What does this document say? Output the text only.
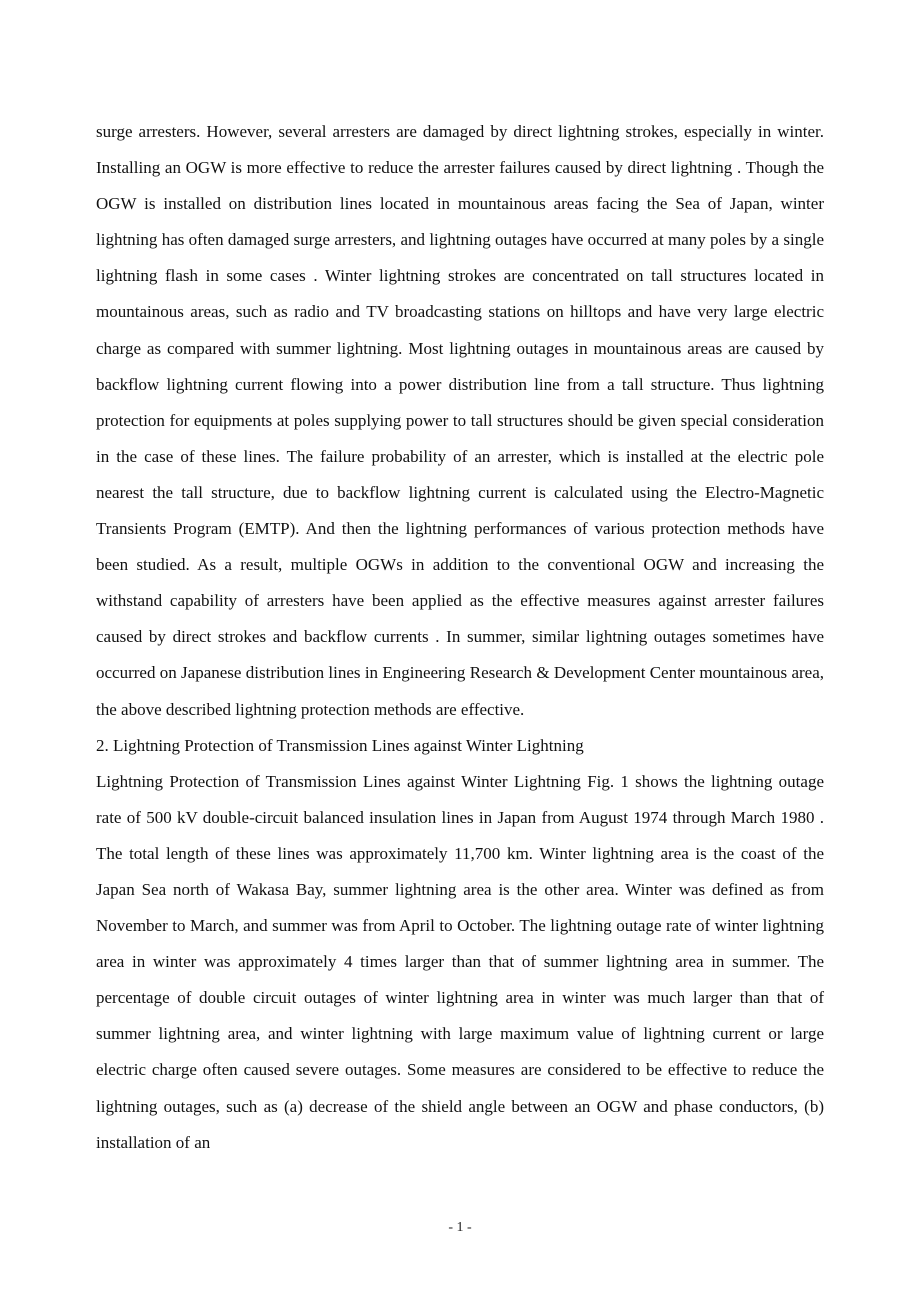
surge arresters. However, several arresters are damaged by direct lightning strokes, especially in winter. Installing an OGW is more effective to reduce the arrester failures caused by direct lightning . Though the OGW is installed on distribution lines located in mountainous areas facing the Sea of Japan, winter lightning has often damaged surge arresters, and lightning outages have occurred at many poles by a single lightning flash in some cases . Winter lightning strokes are concentrated on tall structures located in mountainous areas, such as radio and TV broadcasting stations on hilltops and have very large electric charge as compared with summer lightning. Most lightning outages in mountainous areas are caused by backflow lightning current flowing into a power distribution line from a tall structure. Thus lightning protection for equipments at poles supplying power to tall structures should be given special consideration in the case of these lines. The failure probability of an arrester, which is installed at the electric pole nearest the tall structure, due to backflow lightning current is calculated using the Electro-Magnetic Transients Program (EMTP). And then the lightning performances of various protection methods have been studied. As a result, multiple OGWs in addition to the conventional OGW and increasing the withstand capability of arresters have been applied as the effective measures against arrester failures caused by direct strokes and backflow currents . In summer, similar lightning outages sometimes have occurred on Japanese distribution lines in Engineering Research & Development Center mountainous area, the above described lightning protection methods are effective.

2. Lightning Protection of Transmission Lines against Winter Lightning

Lightning Protection of Transmission Lines against Winter Lightning Fig. 1 shows the lightning outage rate of 500 kV double-circuit balanced insulation lines in Japan from August 1974 through March 1980 . The total length of these lines was approximately 11,700 km. Winter lightning area is the coast of the Japan Sea north of Wakasa Bay, summer lightning area is the other area. Winter was defined as from November to March, and summer was from April to October. The lightning outage rate of winter lightning area in winter was approximately 4 times larger than that of summer lightning area in summer. The percentage of double circuit outages of winter lightning area in winter was much larger than that of summer lightning area, and winter lightning with large maximum value of lightning current or large electric charge often caused severe outages. Some measures are considered to be effective to reduce the lightning outages, such as (a) decrease of the shield angle between an OGW and phase conductors, (b) installation of an

- 1 -
